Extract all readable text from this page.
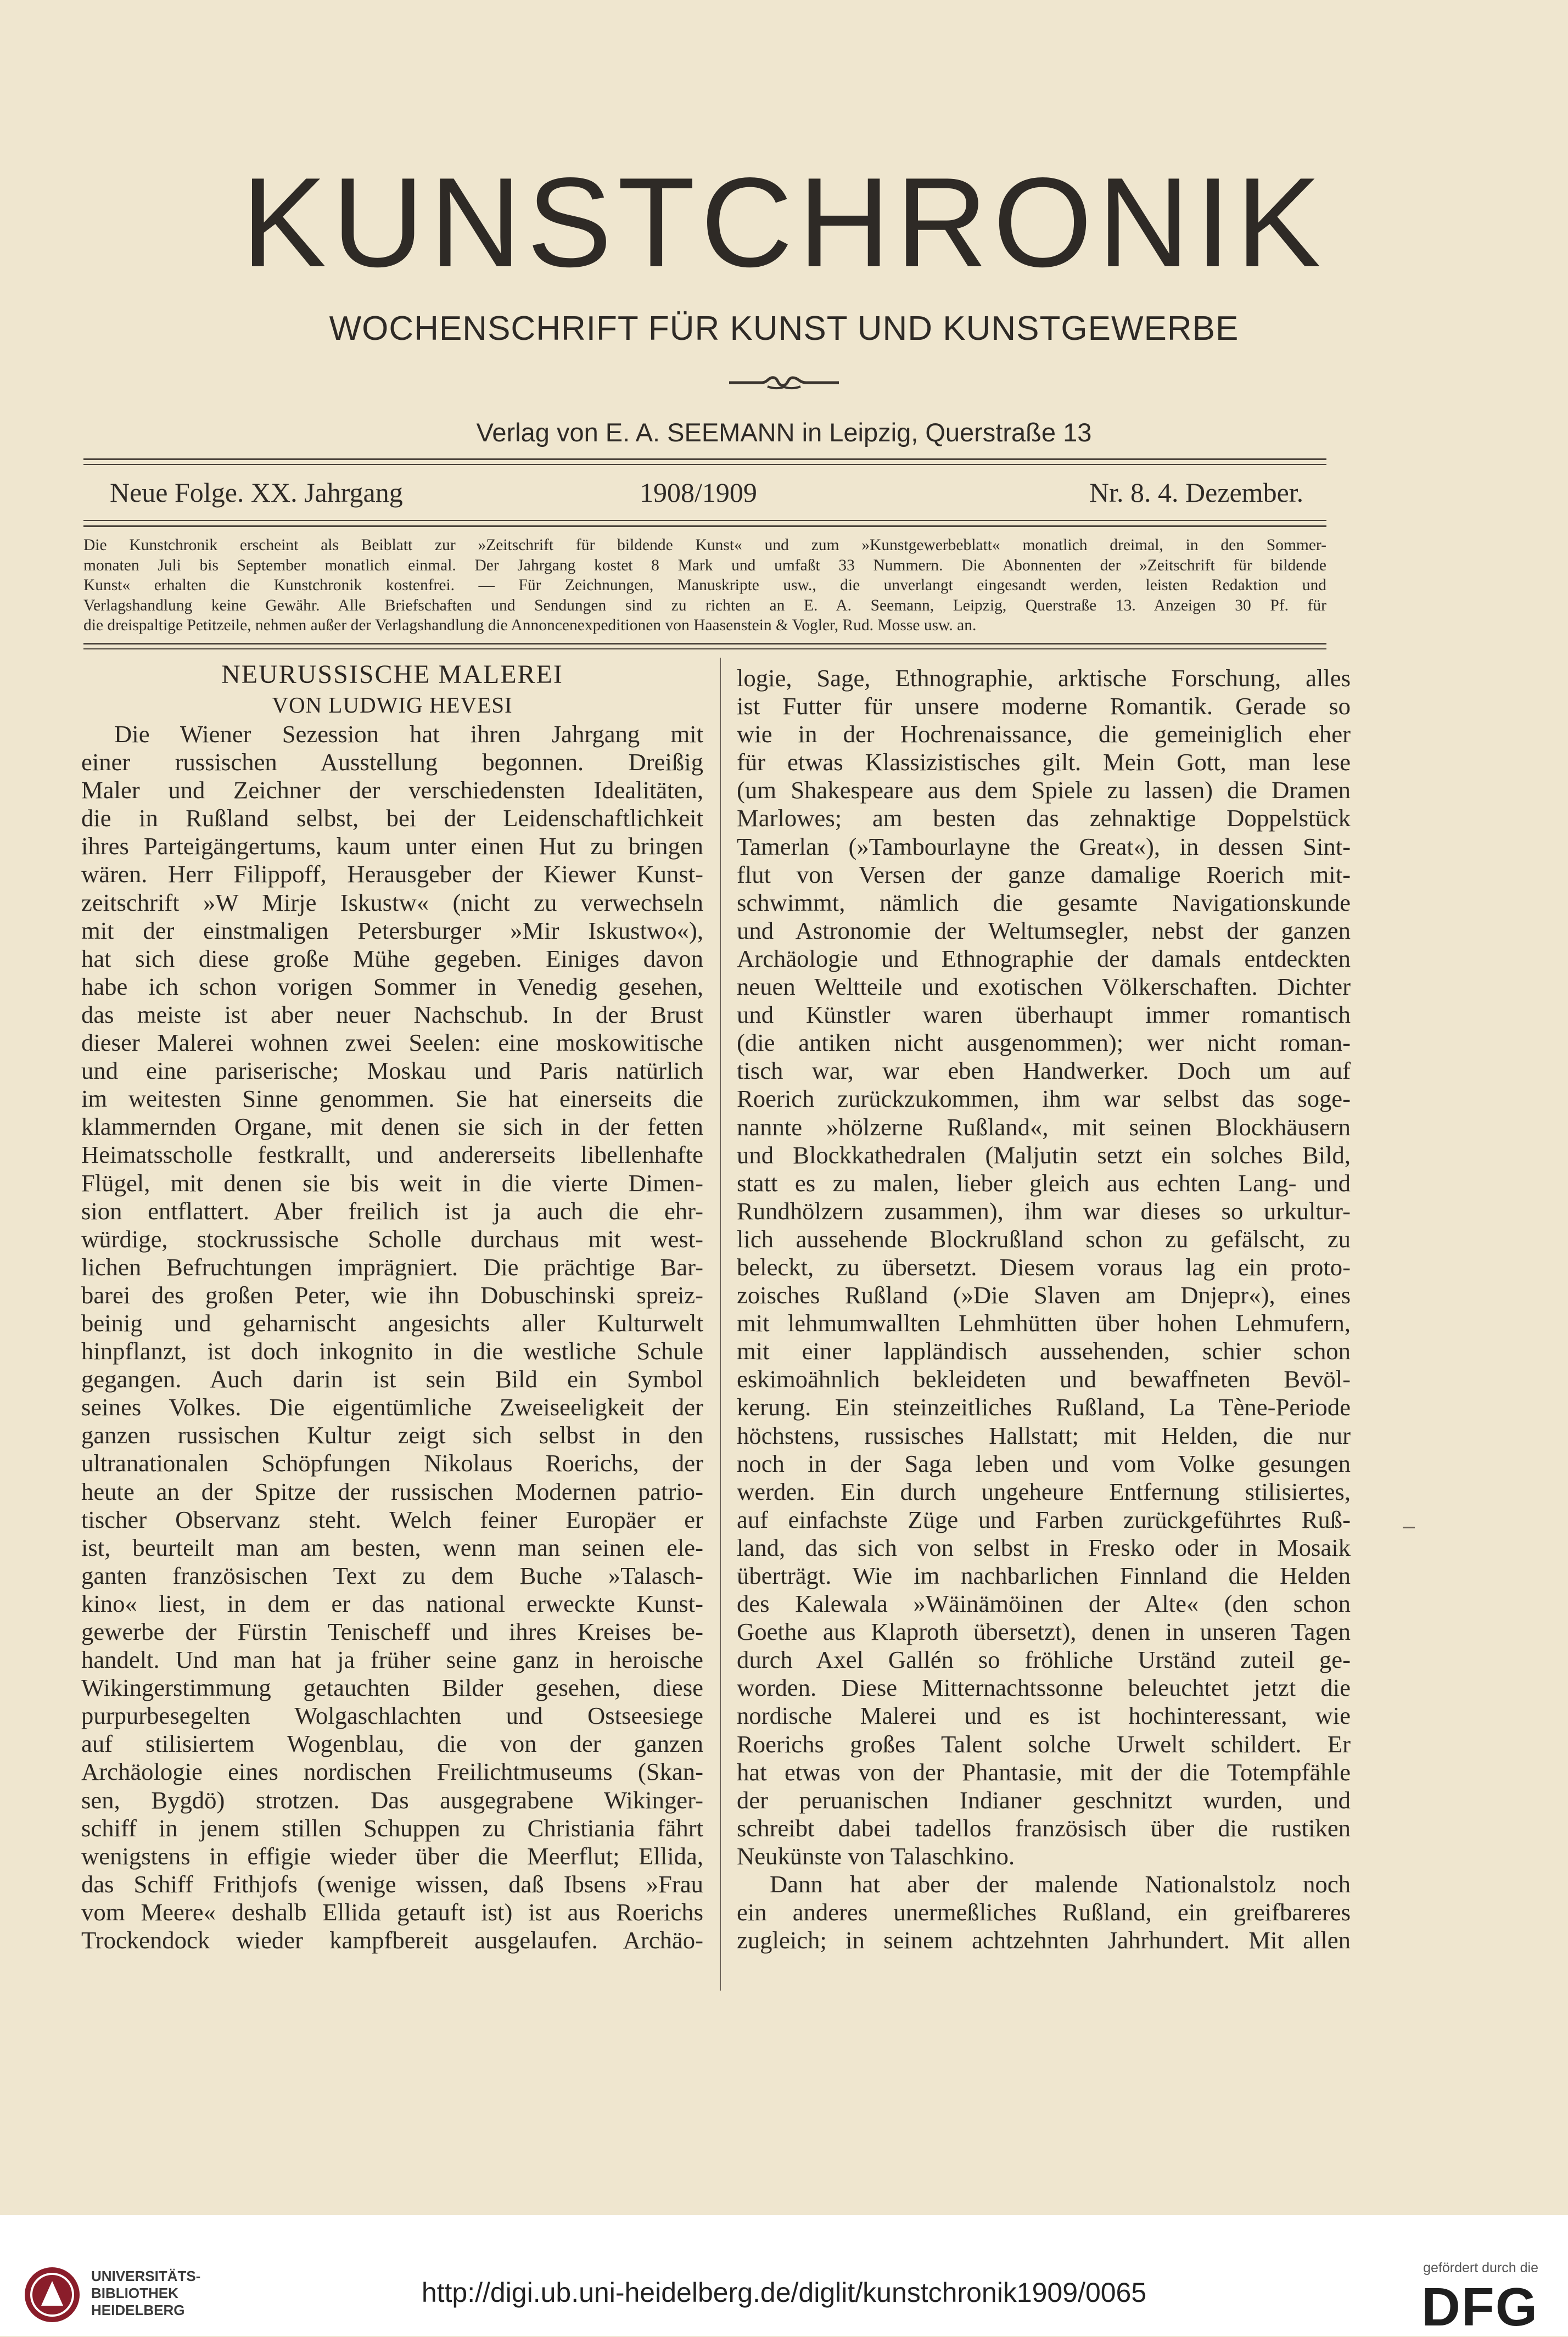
KUNSTCHRONIK
WOCHENSCHRIFT FÜR KUNST UND KUNSTGEWERBE
Verlag von E. A. SEEMANN in Leipzig, Querstraße 13
Neue Folge. XX. Jahrgang	1908/1909	Nr. 8. 4. Dezember.
Die Kunstchronik erscheint als Beiblatt zur »Zeitschrift für bildende Kunst« und zum »Kunstgewerbeblatt« monatlich dreimal, in den Sommer-
monaten Juli bis September monatlich einmal. Der Jahrgang kostet 8 Mark und umfaßt 33 Nummern. Die Abonnenten der »Zeitschrift für bildende
Kunst« erhalten die Kunstchronik kostenfrei. — Für Zeichnungen, Manuskripte usw., die unverlangt eingesandt werden, leisten Redaktion und
Verlagshandlung keine Gewähr. Alle Briefschaften und Sendungen sind zu richten an E. A. Seemann, Leipzig, Querstraße 13. Anzeigen 30 Pf. für
die dreispaltige Petitzeile, nehmen außer der Verlagshandlung die Annoncenexpeditionen von Haasenstein & Vogler, Rud. Mosse usw. an.
NEURUSSISCHE MALEREI
VON LUDWIG HEVESI
Die Wiener Sezession hat ihren Jahrgang mit
einer russischen Ausstellung begonnen. Dreißig
Maler und Zeichner der verschiedensten Idealitäten,
die in Rußland selbst, bei der Leidenschaftlichkeit
ihres Parteigängertums, kaum unter einen Hut zu bringen
wären. Herr Filippoff, Herausgeber der Kiewer Kunst-
zeitschrift »W Mirje Iskustw« (nicht zu verwechseln
mit der einstmaligen Petersburger »Mir Iskustwo«),
hat sich diese große Mühe gegeben. Einiges davon
habe ich schon vorigen Sommer in Venedig gesehen,
das meiste ist aber neuer Nachschub. In der Brust
dieser Malerei wohnen zwei Seelen: eine moskowitische
und eine pariserische; Moskau und Paris natürlich
im weitesten Sinne genommen. Sie hat einerseits die
klammernden Organe, mit denen sie sich in der fetten
Heimatsscholle festkrallt, und andererseits libellenhafte
Flügel, mit denen sie bis weit in die vierte Dimen-
sion entflattert. Aber freilich ist ja auch die ehr-
würdige, stockrussische Scholle durchaus mit west-
lichen Befruchtungen imprägniert. Die prächtige Bar-
barei des großen Peter, wie ihn Dobuschinski spreiz-
beinig und geharnischt angesichts aller Kulturwelt
hinpflanzt, ist doch inkognito in die westliche Schule
gegangen. Auch darin ist sein Bild ein Symbol
seines Volkes. Die eigentümliche Zweiseeligkeit der
ganzen russischen Kultur zeigt sich selbst in den
ultranationalen Schöpfungen Nikolaus Roerichs, der
heute an der Spitze der russischen Modernen patrio-
tischer Observanz steht. Welch feiner Europäer er
ist, beurteilt man am besten, wenn man seinen ele-
ganten französischen Text zu dem Buche »Talasch-
kino« liest, in dem er das national erweckte Kunst-
gewerbe der Fürstin Tenischeff und ihres Kreises be-
handelt. Und man hat ja früher seine ganz in heroische
Wikingerstimmung getauchten Bilder gesehen, diese
purpurbesegelten Wolgaschlachten und Ostseesiege
auf stilisiertem Wogenblau, die von der ganzen
Archäologie eines nordischen Freilichtmuseums (Skan-
sen, Bygdö) strotzen. Das ausgegrabene Wikinger-
schiff in jenem stillen Schuppen zu Christiania fährt
wenigstens in effigie wieder über die Meerflut; Ellida,
das Schiff Frithjofs (wenige wissen, daß Ibsens »Frau
vom Meere« deshalb Ellida getauft ist) ist aus Roerichs
Trockendock wieder kampfbereit ausgelaufen. Archäo-
logie, Sage, Ethnographie, arktische Forschung, alles
ist Futter für unsere moderne Romantik. Gerade so
wie in der Hochrenaissance, die gemeiniglich eher
für etwas Klassizistisches gilt. Mein Gott, man lese
(um Shakespeare aus dem Spiele zu lassen) die Dramen
Marlowes; am besten das zehnaktige Doppelstück
Tamerlan (»Tambourlayne the Great«), in dessen Sint-
flut von Versen der ganze damalige Roerich mit-
schwimmt, nämlich die gesamte Navigationskunde
und Astronomie der Weltumsegler, nebst der ganzen
Archäologie und Ethnographie der damals entdeckten
neuen Weltteile und exotischen Völkerschaften. Dichter
und Künstler waren überhaupt immer romantisch
(die antiken nicht ausgenommen); wer nicht roman-
tisch war, war eben Handwerker. Doch um auf
Roerich zurückzukommen, ihm war selbst das soge-
nannte »hölzerne Rußland«, mit seinen Blockhäusern
und Blockkathedralen (Maljutin setzt ein solches Bild,
statt es zu malen, lieber gleich aus echten Lang- und
Rundhölzern zusammen), ihm war dieses so urkultur-
lich aussehende Blockrußland schon zu gefälscht, zu
beleckt, zu übersetzt. Diesem voraus lag ein proto-
zoisches Rußland (»Die Slaven am Dnjepr«), eines
mit lehmumwallten Lehmhütten über hohen Lehmufern,
mit einer lappländisch aussehenden, schier schon
eskimoähnlich bekleideten und bewaffneten Bevöl-
kerung. Ein steinzeitliches Rußland, La Tène-Periode
höchstens, russisches Hallstatt; mit Helden, die nur
noch in der Saga leben und vom Volke gesungen
werden. Ein durch ungeheure Entfernung stilisiertes,
auf einfachste Züge und Farben zurückgeführtes Ruß-
land, das sich von selbst in Fresko oder in Mosaik
überträgt. Wie im nachbarlichen Finnland die Helden
des Kalewala »Wäinämöinen der Alte« (den schon
Goethe aus Klaproth übersetzt), denen in unseren Tagen
durch Axel Gallén so fröhliche Urständ zuteil ge-
worden. Diese Mitternachtssonne beleuchtet jetzt die
nordische Malerei und es ist hochinteressant, wie
Roerichs großes Talent solche Urwelt schildert. Er
hat etwas von der Phantasie, mit der die Totempfähle
der peruanischen Indianer geschnitzt wurden, und
schreibt dabei tadellos französisch über die rustiken
Neukünste von Talaschkino.
Dann hat aber der malende Nationalstolz noch
ein anderes unermeßliches Rußland, ein greifbareres
zugleich; in seinem achtzehnten Jahrhundert. Mit allen
UNIVERSITÄTS-
BIBLIOTHEK
HEIDELBERG
http://digi.ub.uni-heidelberg.de/diglit/kunstchronik1909/0065
gefördert durch die
DFG
